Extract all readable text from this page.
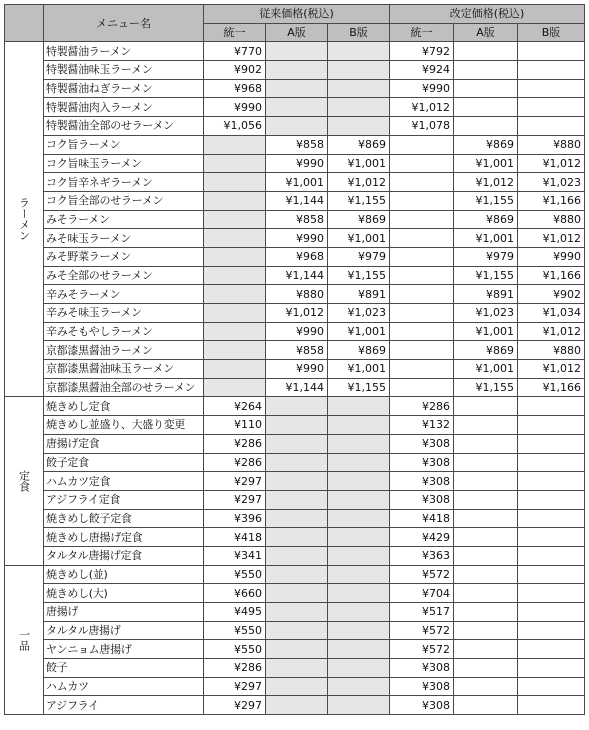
	メニュー名	従来価格(税込)			改定価格(税込)		
		統一	A版	B版	統一	A版	B版
ラーメン	特製醤油ラーメン	¥770			¥792		
	特製醤油味玉ラーメン	¥902			¥924		
	特製醤油ねぎラーメン	¥968			¥990		
	特製醤油肉入ラーメン	¥990			¥1,012		
	特製醤油全部のせラーメン	¥1,056			¥1,078		
	コク旨ラーメン		¥858	¥869		¥869	¥880
	コク旨味玉ラーメン		¥990	¥1,001		¥1,001	¥1,012
	コク旨辛ネギラーメン		¥1,001	¥1,012		¥1,012	¥1,023
	コク旨全部のせラーメン		¥1,144	¥1,155		¥1,155	¥1,166
	みそラーメン		¥858	¥869		¥869	¥880
	みそ味玉ラーメン		¥990	¥1,001		¥1,001	¥1,012
	みそ野菜ラーメン		¥968	¥979		¥979	¥990
	みそ全部のせラーメン		¥1,144	¥1,155		¥1,155	¥1,166
	辛みそラーメン		¥880	¥891		¥891	¥902
	辛みそ味玉ラーメン		¥1,012	¥1,023		¥1,023	¥1,034
	辛みそもやしラーメン		¥990	¥1,001		¥1,001	¥1,012
	京都漆黒醤油ラーメン		¥858	¥869		¥869	¥880
	京都漆黒醤油味玉ラーメン		¥990	¥1,001		¥1,001	¥1,012
	京都漆黒醤油全部のせラーメン		¥1,144	¥1,155		¥1,155	¥1,166
定食	焼きめし定食	¥264			¥286		
	焼きめし並盛り、大盛り変更	¥110			¥132		
	唐揚げ定食	¥286			¥308		
	餃子定食	¥286			¥308		
	ハムカツ定食	¥297			¥308		
	アジフライ定食	¥297			¥308		
	焼きめし餃子定食	¥396			¥418		
	焼きめし唐揚げ定食	¥418			¥429		
	タルタル唐揚げ定食	¥341			¥363		
一品	焼きめし(並)	¥550			¥572		
	焼きめし(大)	¥660			¥704		
	唐揚げ	¥495			¥517		
	タルタル唐揚げ	¥550			¥572		
	ヤンニョム唐揚げ	¥550			¥572		
	餃子	¥286			¥308		
	ハムカツ	¥297			¥308		
	アジフライ	¥297			¥308		
